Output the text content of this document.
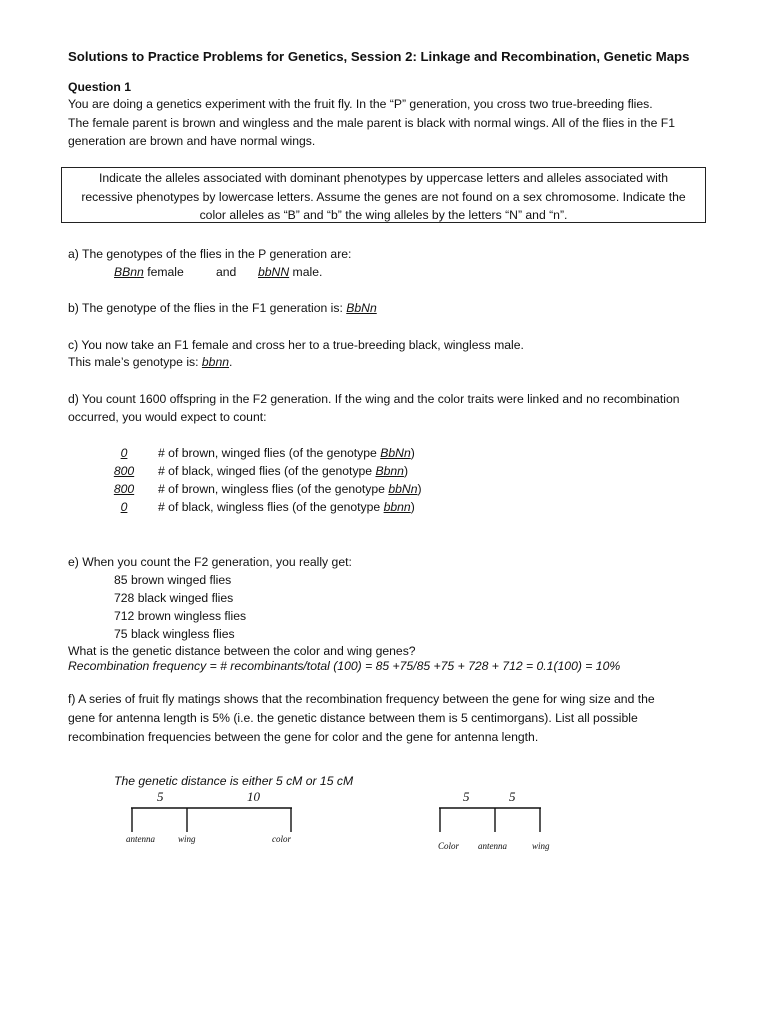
Solutions to Practice Problems for Genetics, Session 2: Linkage and Recombination, Genetic Maps
Question 1
You are doing a genetics experiment with the fruit fly. In the “P” generation, you cross two true-breeding flies.
The female parent is brown and wingless and the male parent is black with normal wings. All of the flies in the F1
generation are brown and have normal wings.
Indicate the alleles associated with dominant phenotypes by uppercase letters and alleles associated with
recessive phenotypes by lowercase letters. Assume the genes are not found on a sex chromosome. Indicate the
color alleles as “B” and “b” the wing alleles by the letters “N” and “n”.
a) The genotypes of the flies in the P generation are:
BBnn female	and bbNN male.
b) The genotype of the flies in the F1 generation is: BbNn
c) You now take an F1 female and cross her to a true-breeding black, wingless male.
This male’s genotype is: bbnn.
d) You count 1600 offspring in the F2 generation. If the wing and the color traits were linked and no recombination
occurred, you would expect to count:
0	# of brown, winged flies (of the genotype BbNn)
800	# of black, winged flies (of the genotype Bbnn)
800	# of brown, wingless flies (of the genotype bbNn)
0	# of black, wingless flies (of the genotype bbnn)
e) When you count the F2 generation, you really get:
85 brown winged flies
728 black winged flies
712 brown wingless flies
75 black wingless flies
What is the genetic distance between the color and wing genes?
Recombination frequency = # recombinants/total (100) = 85 +75/85 +75 + 728 + 712 = 0.1(100) = 10%
f) A series of fruit fly matings shows that the recombination frequency between the gene for wing size and the
gene for antenna length is 5% (i.e. the genetic distance between them is 5 centimorgans). List all possible
recombination frequencies between the gene for color and the gene for antenna length.
The genetic distance is either 5 cM or 15 cM
5	10
antenna	wing	color
5	5
Color antenna	wing
